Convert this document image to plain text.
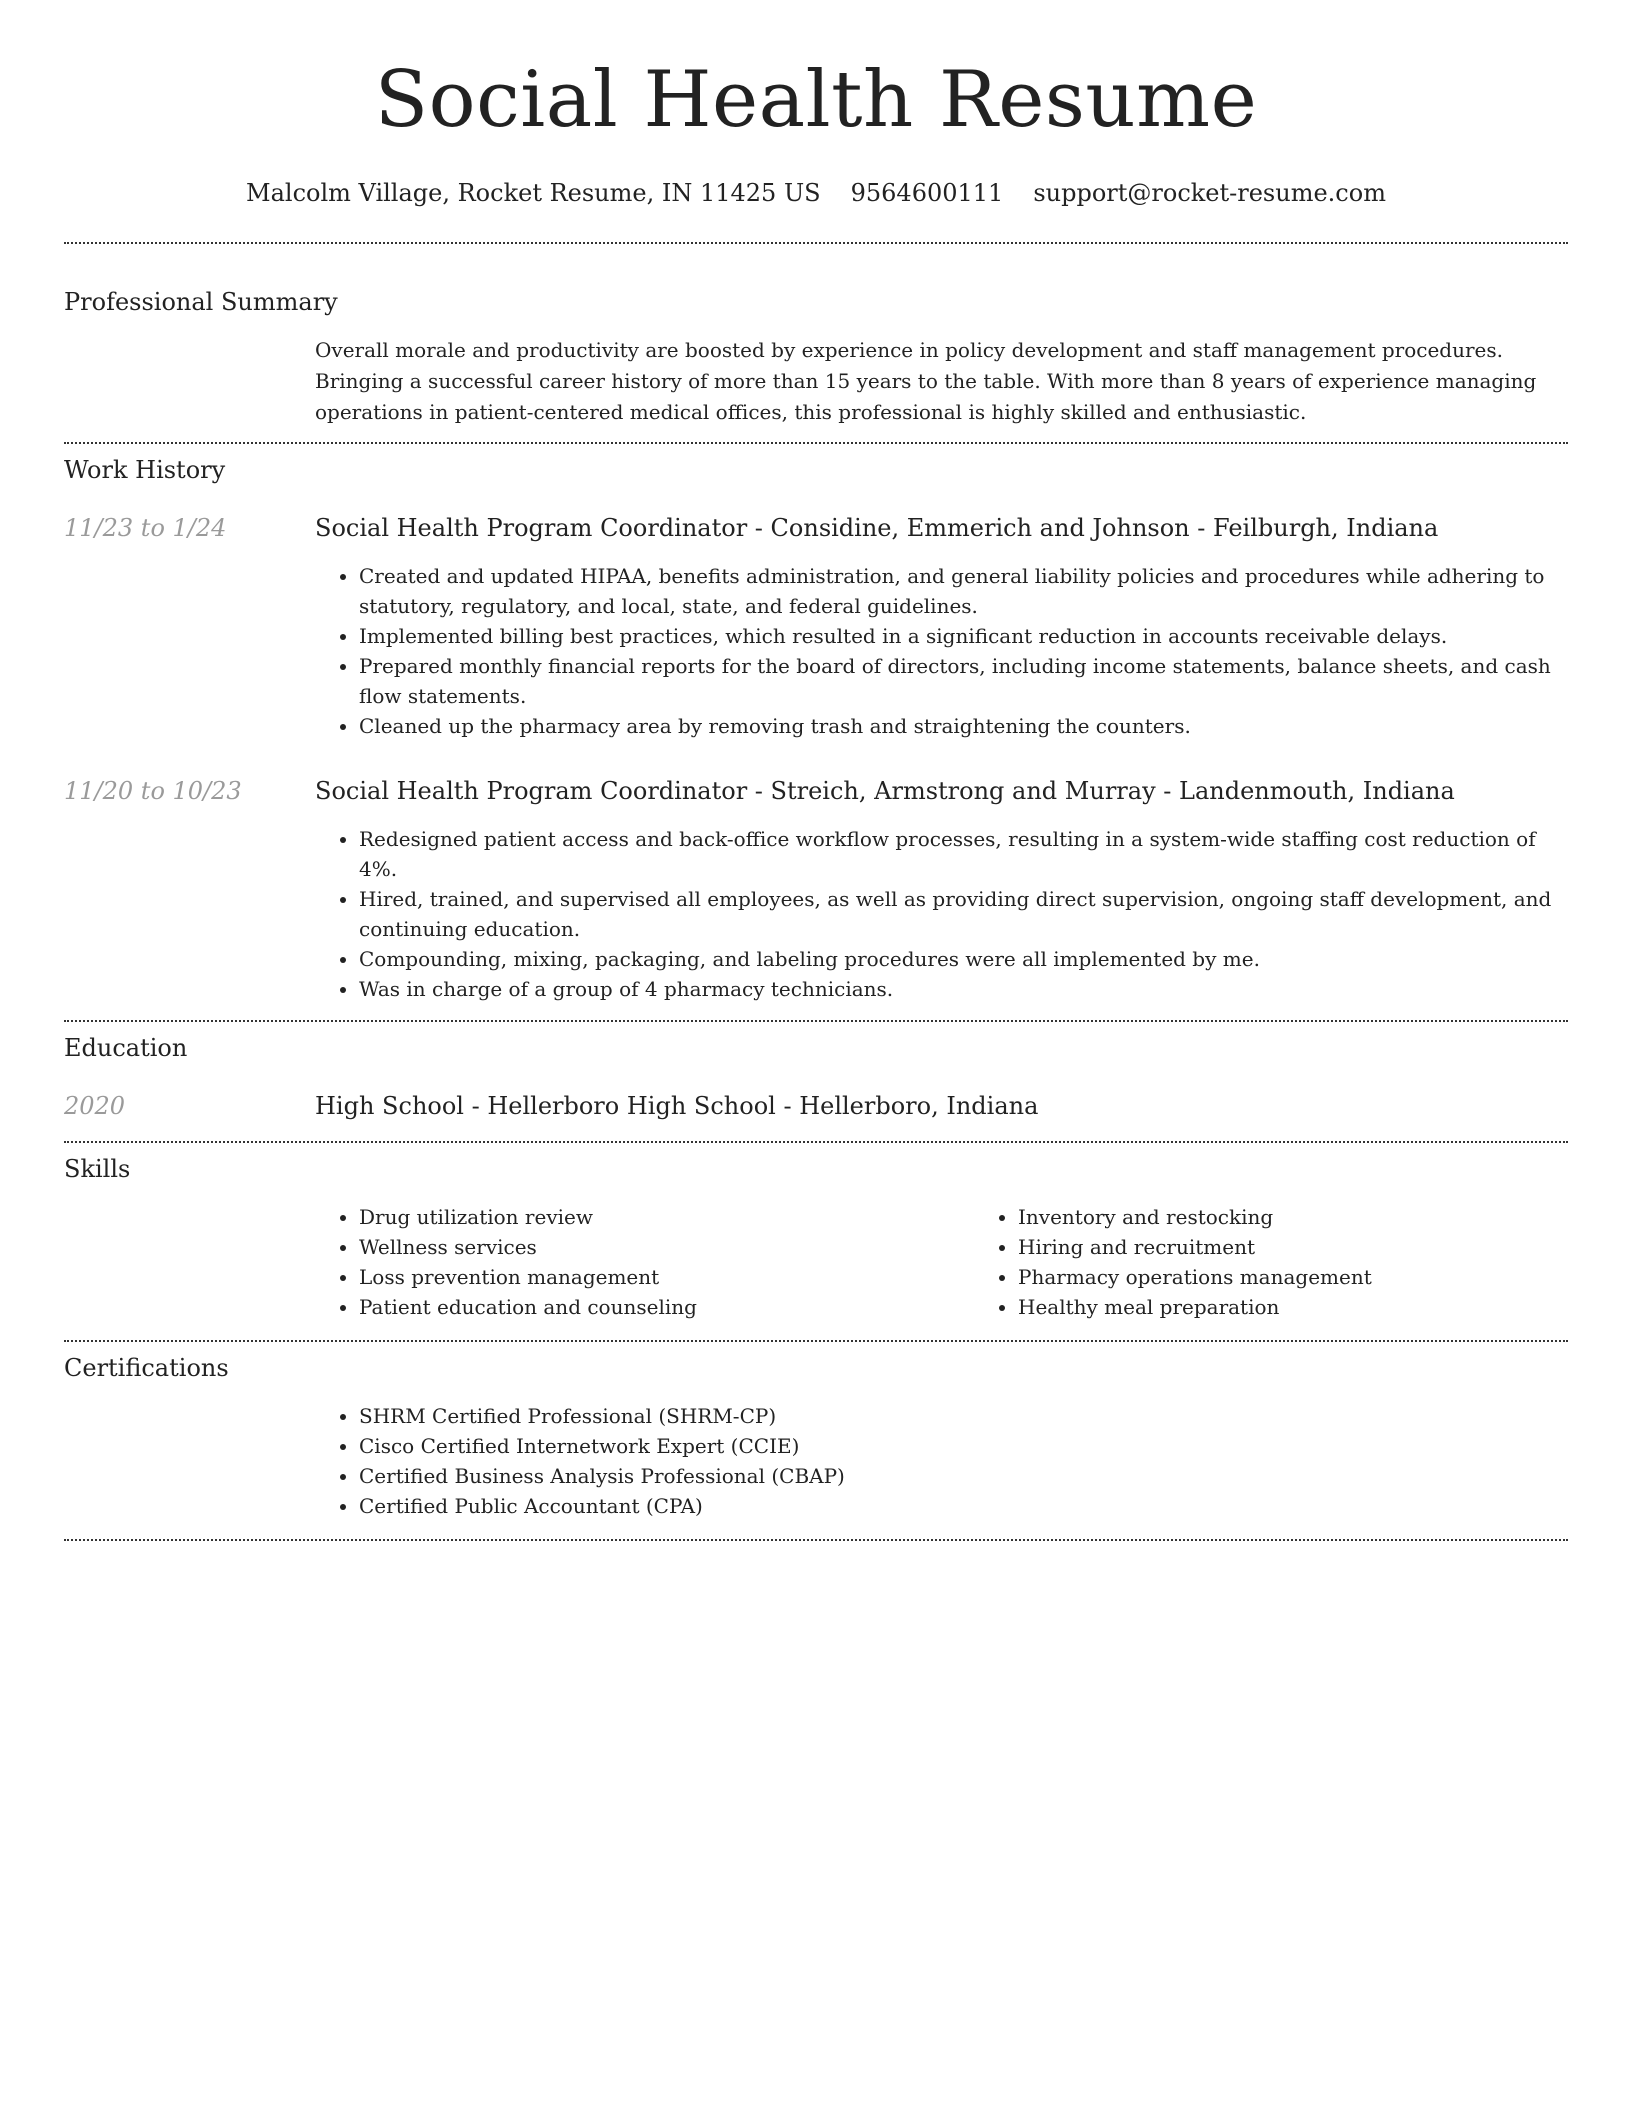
Social Health Resume
Malcolm Village, Rocket Resume, IN 11425 US 9564600111 support@rocket-resume.com
Professional Summary

Overall morale and productivity are boosted by experience in policy development and staff management procedures. Bringing a successful career history of more than 15 years to the table. With more than 8 years of experience managing operations in patient-centered medical offices, this professional is highly skilled and enthusiastic.

Work History
11/23 to 1/24	Social Health Program Coordinator - Considine, Emmerich and Johnson - Feilburgh, Indiana
• Created and updated HIPAA, benefits administration, and general liability policies and procedures while adhering to statutory, regulatory, and local, state, and federal guidelines.
• Implemented billing best practices, which resulted in a significant reduction in accounts receivable delays.
• Prepared monthly financial reports for the board of directors, including income statements, balance sheets, and cash flow statements.
• Cleaned up the pharmacy area by removing trash and straightening the counters.
11/20 to 10/23	Social Health Program Coordinator - Streich, Armstrong and Murray - Landenmouth, Indiana
• Redesigned patient access and back-office workflow processes, resulting in a system-wide staffing cost reduction of 4%.
• Hired, trained, and supervised all employees, as well as providing direct supervision, ongoing staff development, and continuing education.
• Compounding, mixing, packaging, and labeling procedures were all implemented by me.
• Was in charge of a group of 4 pharmacy technicians.
Education
2020	High School - Hellerboro High School - Hellerboro, Indiana
Skills
• Drug utilization review
• Wellness services
• Loss prevention management
• Patient education and counseling
• Inventory and restocking
• Hiring and recruitment
• Pharmacy operations management
• Healthy meal preparation
Certifications
• SHRM Certified Professional (SHRM-CP)
• Cisco Certified Internetwork Expert (CCIE)
• Certified Business Analysis Professional (CBAP)
• Certified Public Accountant (CPA)
